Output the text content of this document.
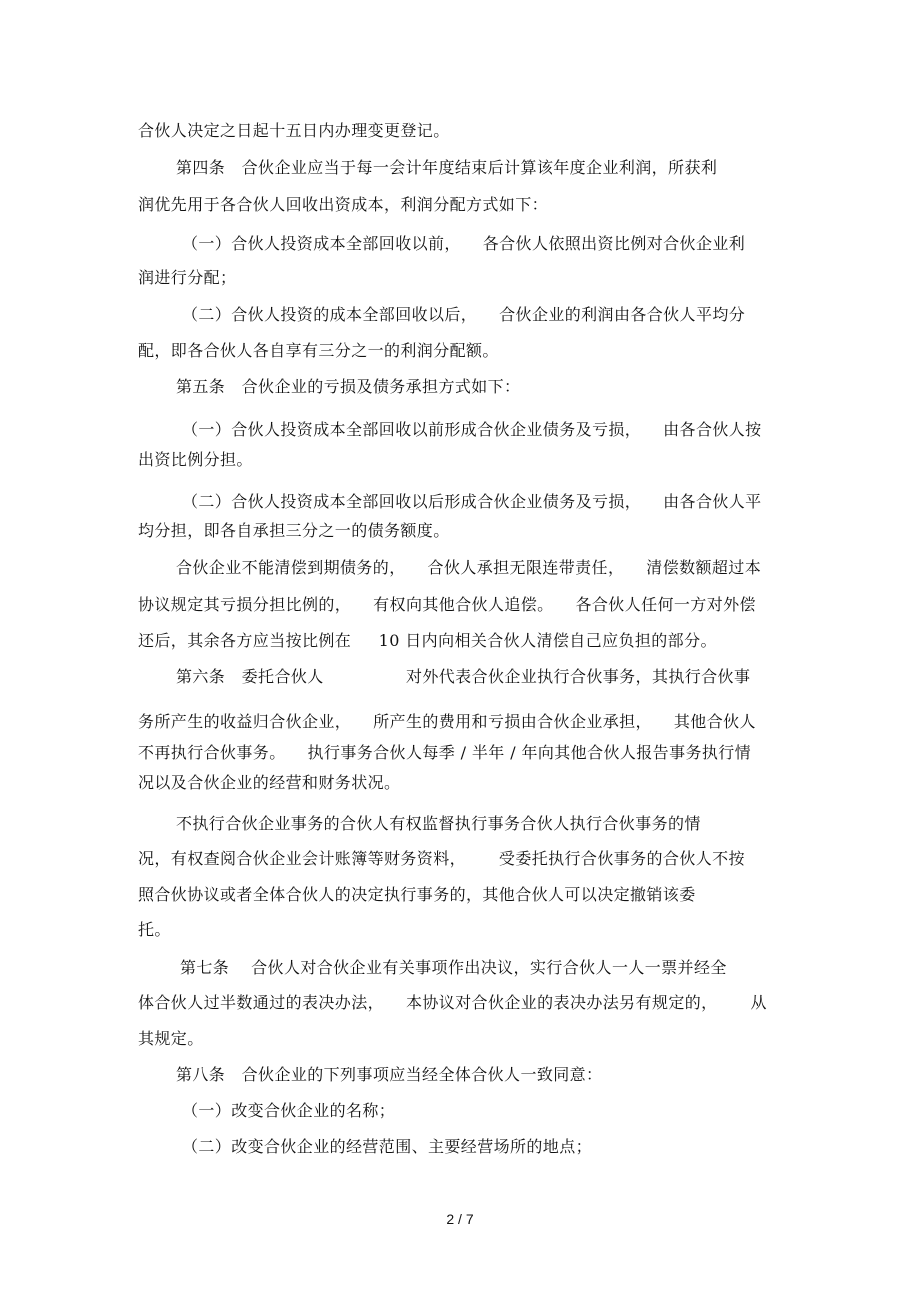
合伙人决定之日起十五日内办理变更登记。
第四条   合伙企业应当于每一会计年度结束后计算该年度企业利润，所获利
润优先用于各合伙人回收出资成本，利润分配方式如下：
（一）合伙人投资成本全部回收以前，    各合伙人依照出资比例对合伙企业利
润进行分配；
（二）合伙人投资的成本全部回收以后，    合伙企业的利润由各合伙人平均分
配，即各合伙人各自享有三分之一的利润分配额。
第五条   合伙企业的亏损及债务承担方式如下：
（一）合伙人投资成本全部回收以前形成合伙企业债务及亏损，    由各合伙人按
出资比例分担。
（二）合伙人投资成本全部回收以后形成合伙企业债务及亏损，    由各合伙人平
均分担，即各自承担三分之一的债务额度。
合伙企业不能清偿到期债务的，    合伙人承担无限连带责任，    清偿数额超过本
协议规定其亏损分担比例的，    有权向其他合伙人追偿。    各合伙人任何一方对外偿
还后，其余各方应当按比例在     10 日内向相关合伙人清偿自己应负担的部分。
第六条   委托合伙人               对外代表合伙企业执行合伙事务，其执行合伙事
务所产生的收益归合伙企业，    所产生的费用和亏损由合伙企业承担，    其他合伙人
不再执行合伙事务。    执行事务合伙人每季 / 半年 / 年向其他合伙人报告事务执行情
况以及合伙企业的经营和财务状况。
不执行合伙企业事务的合伙人有权监督执行事务合伙人执行合伙事务的情
况，有权查阅合伙企业会计账簿等财务资料，      受委托执行合伙事务的合伙人不按
照合伙协议或者全体合伙人的决定执行事务的，其他合伙人可以决定撤销该委
托。
第七条    合伙人对合伙企业有关事项作出决议，实行合伙人一人一票并经全
体合伙人过半数通过的表决办法，    本协议对合伙企业的表决办法另有规定的，      从
其规定。
第八条   合伙企业的下列事项应当经全体合伙人一致同意：
（一）改变合伙企业的名称；
（二）改变合伙企业的经营范围、主要经营场所的地点；
2 / 7
